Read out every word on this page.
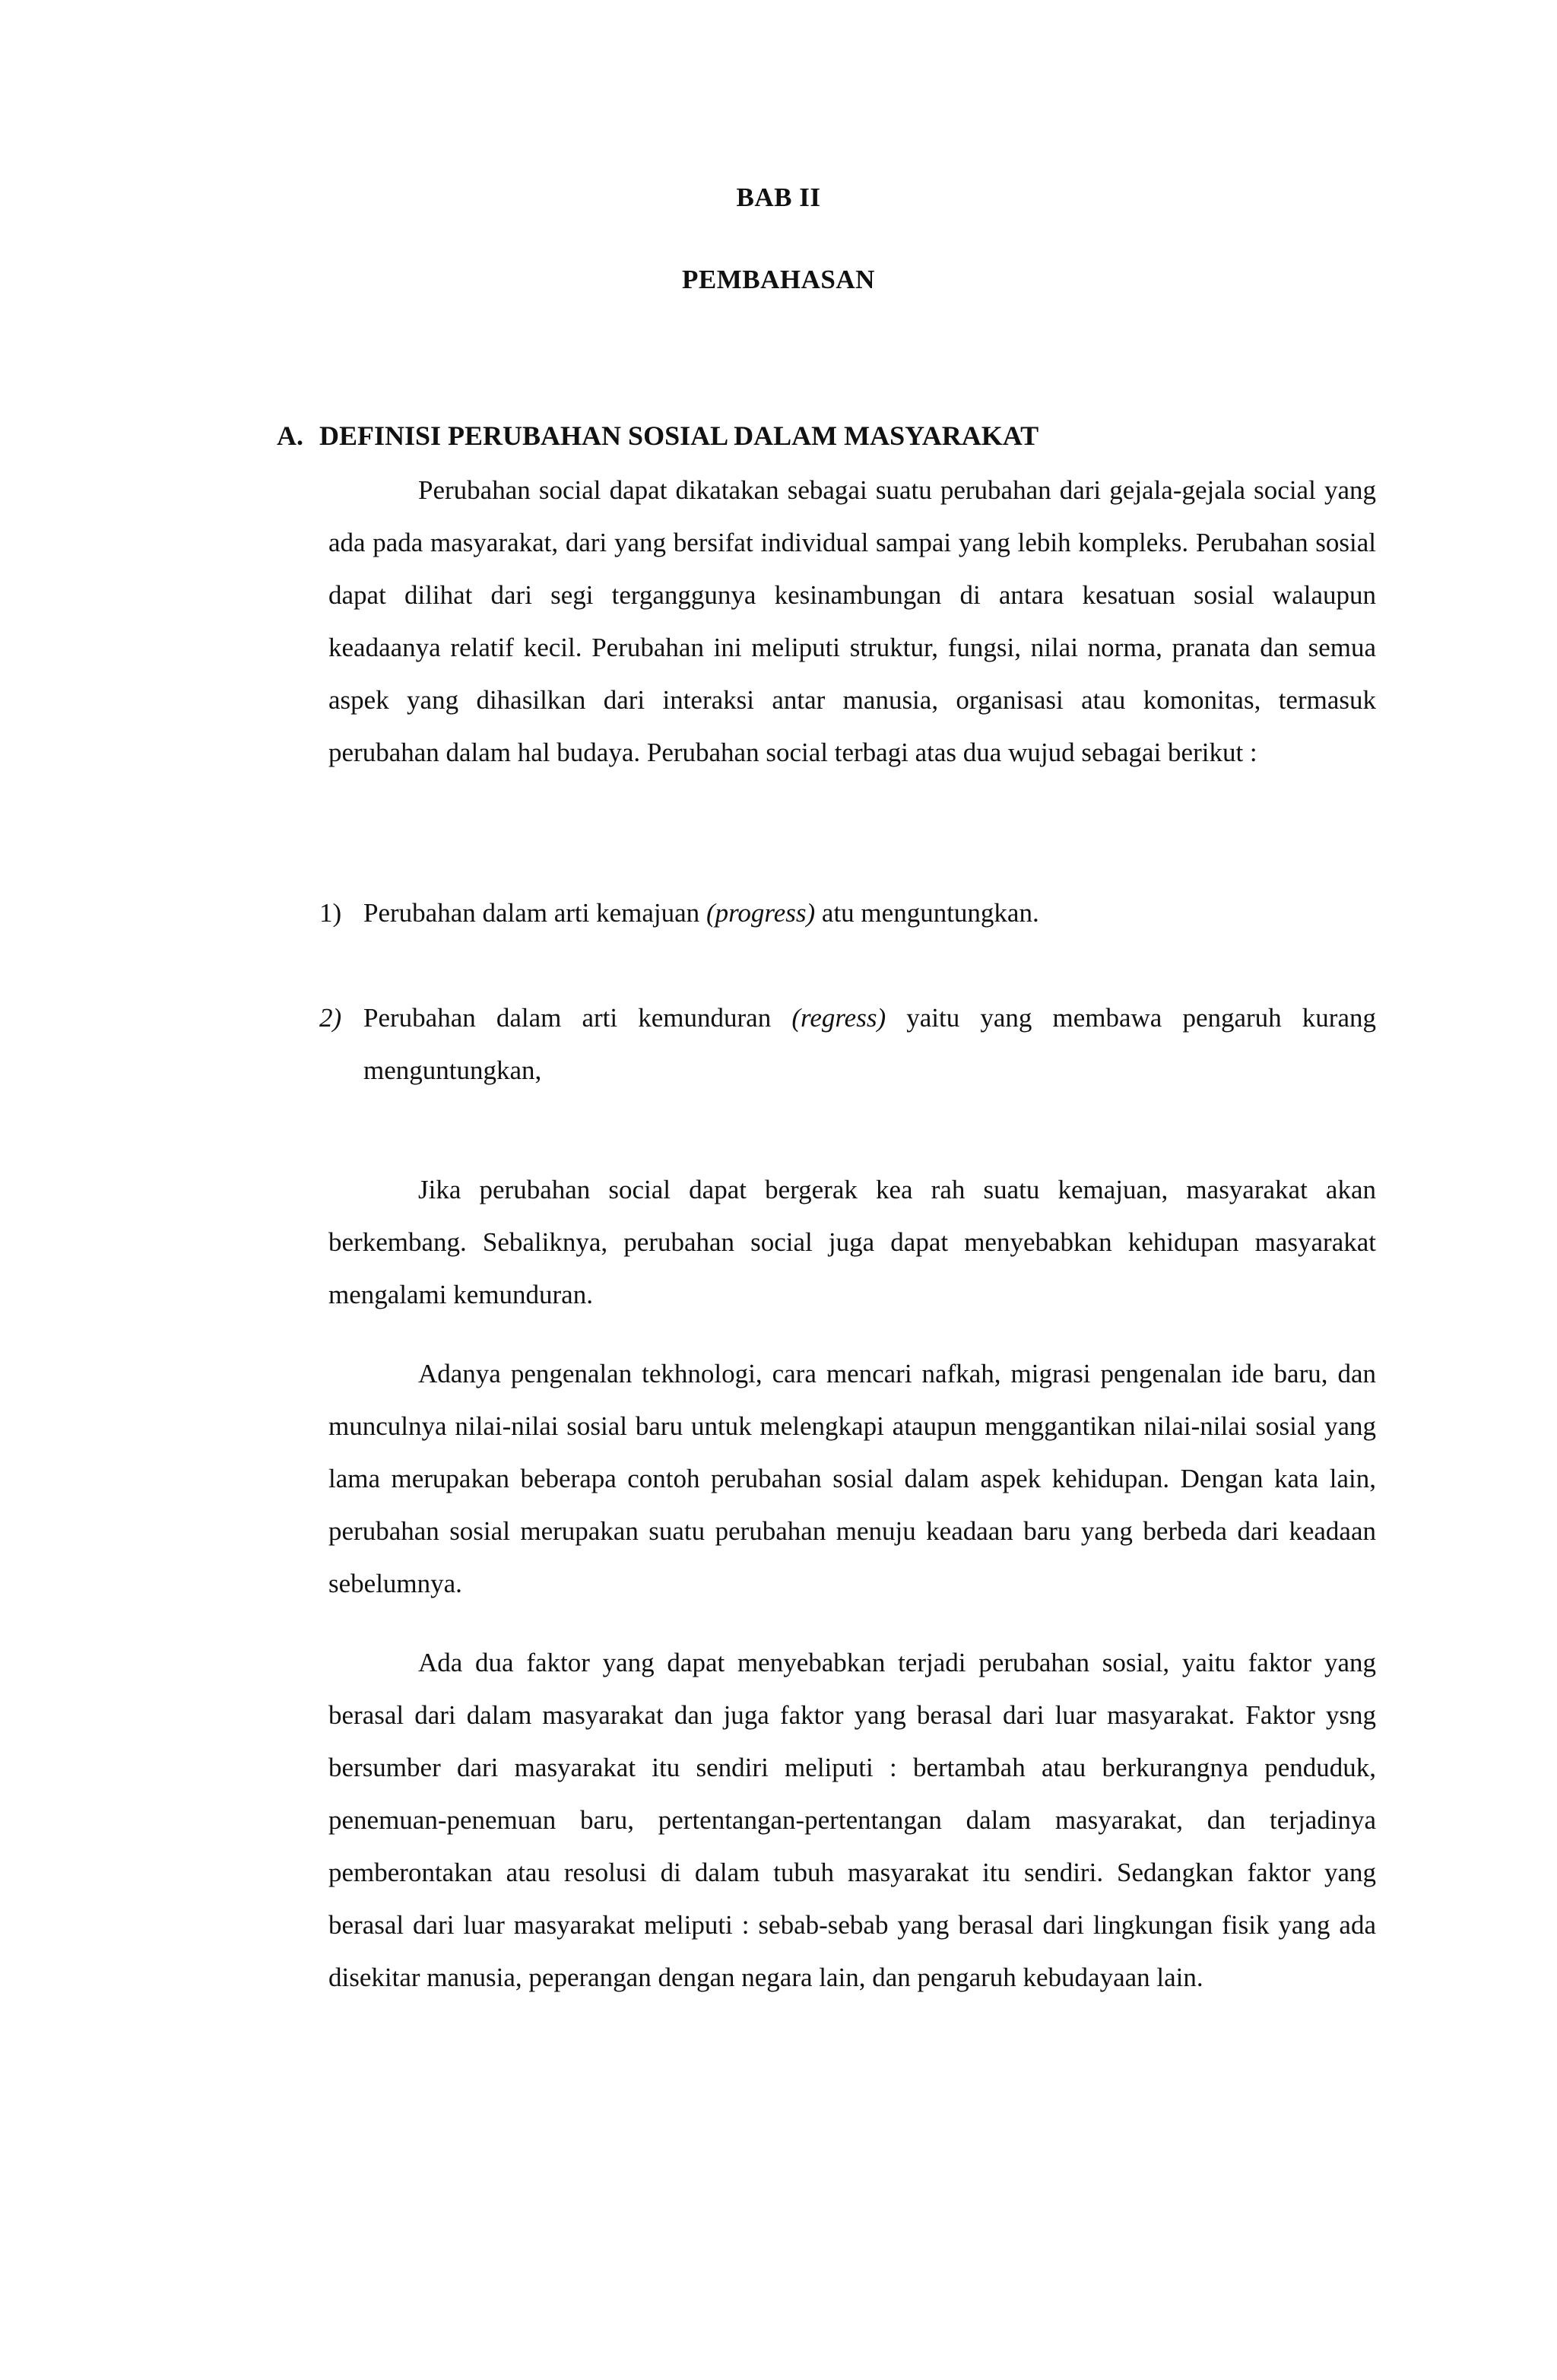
BAB II
PEMBAHASAN
A. DEFINISI PERUBAHAN SOSIAL DALAM MASYARAKAT

Perubahan social dapat dikatakan sebagai suatu perubahan dari gejala-gejala social yang ada pada masyarakat, dari yang bersifat individual sampai yang lebih kompleks. Perubahan sosial dapat dilihat dari segi terganggunya kesinambungan di antara kesatuan sosial walaupun keadaanya relatif kecil. Perubahan ini meliputi struktur, fungsi, nilai norma, pranata dan semua aspek yang dihasilkan dari interaksi antar manusia, organisasi atau komonitas, termasuk perubahan dalam hal budaya. Perubahan social terbagi atas dua wujud sebagai berikut :

1) Perubahan dalam arti kemajuan (progress) atu menguntungkan.
2) Perubahan dalam arti kemunduran (regress) yaitu yang membawa pengaruh kurang menguntungkan,

Jika perubahan social dapat bergerak kea rah suatu kemajuan, masyarakat akan berkembang. Sebaliknya, perubahan social juga dapat menyebabkan kehidupan masyarakat mengalami kemunduran.

Adanya pengenalan tekhnologi, cara mencari nafkah, migrasi pengenalan ide baru, dan munculnya nilai-nilai sosial baru untuk melengkapi ataupun menggantikan nilai-nilai sosial yang lama merupakan beberapa contoh perubahan sosial dalam aspek kehidupan. Dengan kata lain, perubahan sosial merupakan suatu perubahan menuju keadaan baru yang berbeda dari keadaan sebelumnya.

Ada dua faktor yang dapat menyebabkan terjadi perubahan sosial, yaitu faktor yang berasal dari dalam masyarakat dan juga faktor yang berasal dari luar masyarakat. Faktor ysng bersumber dari masyarakat itu sendiri meliputi : bertambah atau berkurangnya penduduk, penemuan-penemuan baru, pertentangan-pertentangan dalam masyarakat, dan terjadinya pemberontakan atau resolusi di dalam tubuh masyarakat itu sendiri. Sedangkan faktor yang berasal dari luar masyarakat meliputi : sebab-sebab yang berasal dari lingkungan fisik yang ada disekitar manusia, peperangan dengan negara lain, dan pengaruh kebudayaan lain.
